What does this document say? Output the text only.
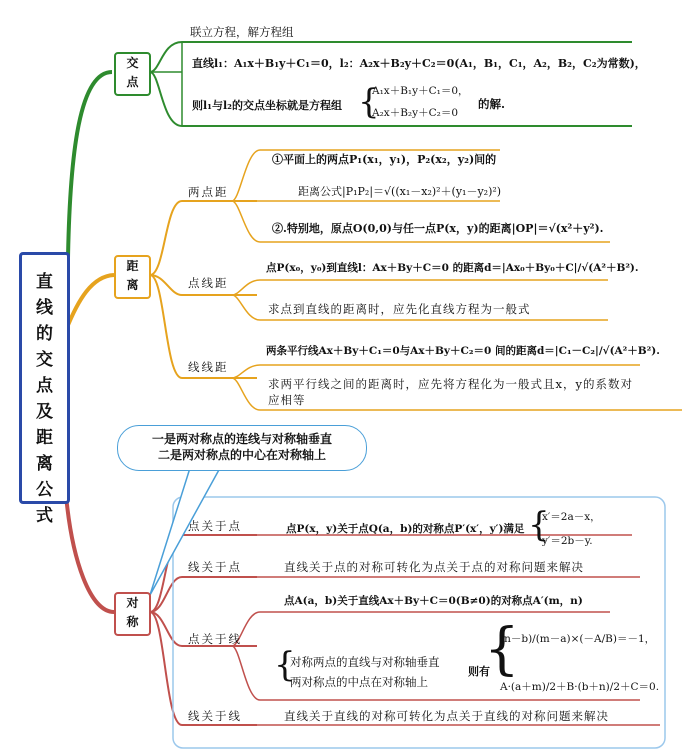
直
线
的
交
点
及
距
离
公
式
交
点
距
离
对
称
联立方程，解方程组
直线l₁：A₁x＋B₁y＋C₁＝0，l₂：A₂x＋B₂y＋C₂＝0(A₁，B₁，C₁，A₂，B₂，C₂为常数)，
则l₁与l₂的交点坐标就是方程组 {
A₁x＋B₁y＋C₁＝0，
A₂x＋B₂y＋C₂＝0
的解.
两点距
①平面上的两点P₁(x₁，y₁)，P₂(x₂，y₂)间的
距离公式|P₁P₂|＝√((x₁－x₂)²＋(y₁－y₂)²)
②.特别地，原点O(0,0)与任一点P(x，y)的距离|OP|＝√(x²＋y²).
点线距
点P(x₀，y₀)到直线l：Ax＋By＋C＝0 的距离d＝|Ax₀＋By₀＋C|/√(A²＋B²).
求点到直线的距离时，应先化直线方程为一般式
线线距
两条平行线Ax＋By＋C₁＝0与Ax＋By＋C₂＝0 间的距离d＝|C₁－C₂|/√(A²＋B²).
求两平行线之间的距离时，应先将方程化为一般式且x，y的系数对
应相等
一是两对称点的连线与对称轴垂直
二是两对称点的中心在对称轴上
点关于点	点P(x，y)关于点Q(a，b)的对称点P′(x′，y′)满足 {
x′＝2a－x，
y′＝2b－y.
线关于点	直线关于点的对称可转化为点关于点的对称问题来解决
点关于线
点A(a，b)关于直线Ax＋By＋C＝0(B≠0)的对称点A′(m，n)
{
对称两点的直线与对称轴垂直
两对称点的中点在对称轴上
则有
{
(n－b)/(m－a)×(－A/B)＝－1，
A·(a＋m)/2＋B·(b＋n)/2＋C＝0.
线关于线	直线关于直线的对称可转化为点关于直线的对称问题来解决
